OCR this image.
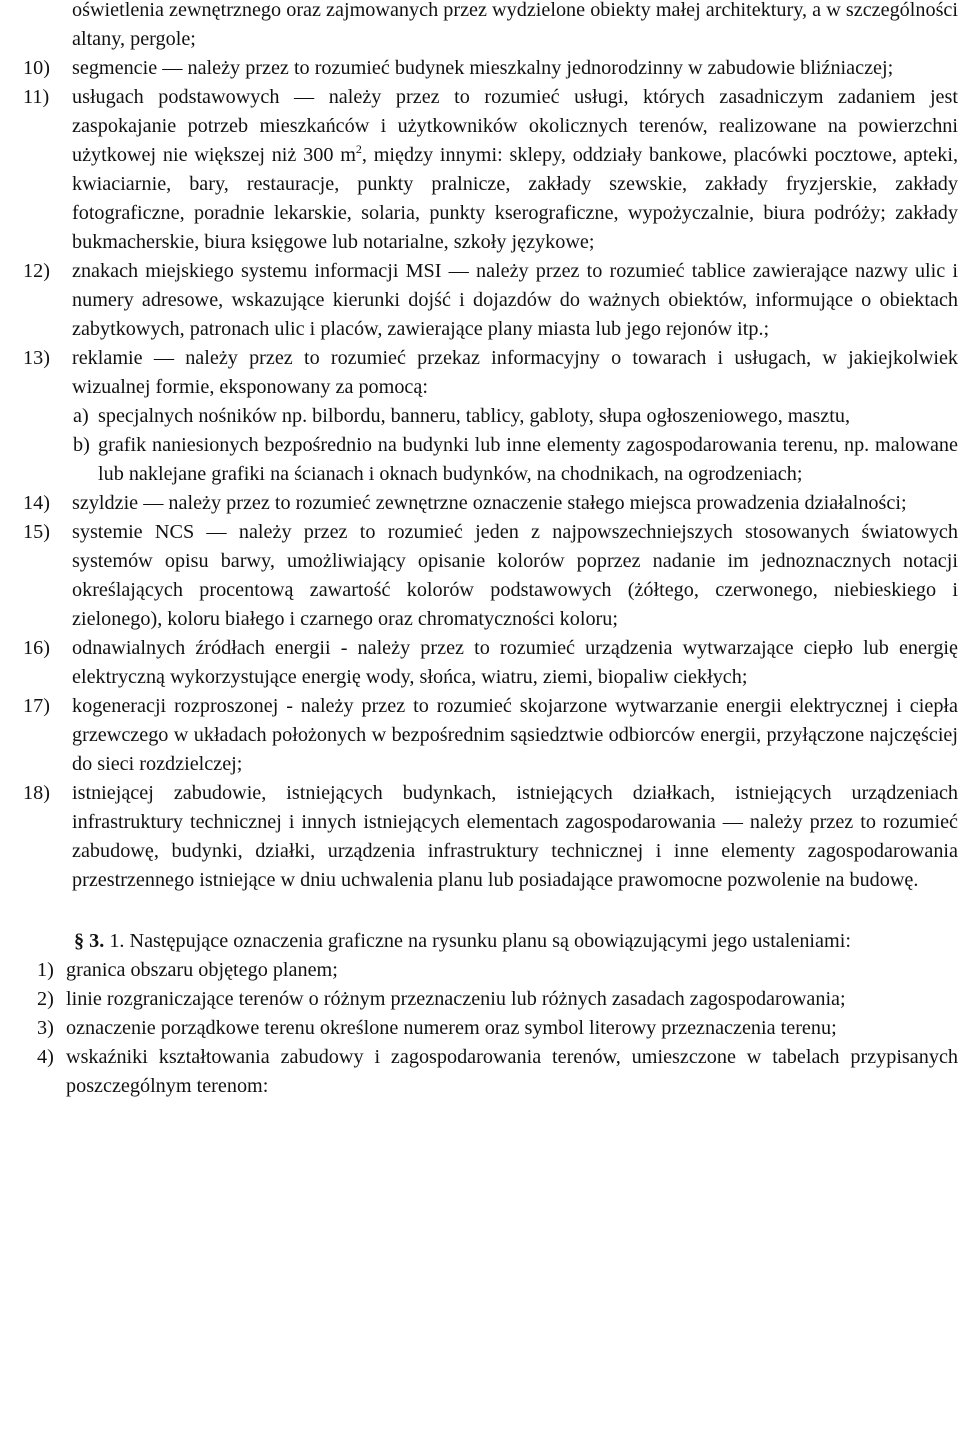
oświetlenia zewnętrznego oraz zajmowanych przez wydzielone obiekty małej architektury, a w szczególności altany, pergole;
10) segmencie — należy przez to rozumieć budynek mieszkalny jednorodzinny w zabudowie bliźniaczej;
11) usługach podstawowych — należy przez to rozumieć usługi, których zasadniczym zadaniem jest zaspokajanie potrzeb mieszkańców i użytkowników okolicznych terenów, realizowane na powierzchni użytkowej nie większej niż 300 $m^2$, między innymi: sklepy, oddziały bankowe, placówki pocztowe, apteki, kwiaciarnie, bary, restauracje, punkty pralnicze, zakłady szewskie, zakłady fryzjerskie, zakłady fotograficzne, poradnie lekarskie, solaria, punkty kserograficzne, wypożyczalnie, biura podróży; zakłady bukmacherskie, biura księgowe lub notarialne, szkoły językowe;
12) znakach miejskiego systemu informacji MSI — należy przez to rozumieć tablice zawierające nazwy ulic i numery adresowe, wskazujące kierunki dojść i dojazdów do ważnych obiektów, informujące o obiektach zabytkowych, patronach ulic i placów, zawierające plany miasta lub jego rejonów itp.;
13) reklamie — należy przez to rozumieć przekaz informacyjny o towarach i usługach, w jakiejkolwiek wizualnej formie, eksponowany za pomocą:
a) specjalnych nośników np. bilbordu, banneru, tablicy, gabloty, słupa ogłoszeniowego, masztu,
b) grafik naniesionych bezpośrednio na budynki lub inne elementy zagospodarowania terenu, np. malowane lub naklejane grafiki na ścianach i oknach budynków, na chodnikach, na ogrodzeniach;
14) szyldzie — należy przez to rozumieć zewnętrzne oznaczenie stałego miejsca prowadzenia działalności;
15) systemie NCS — należy przez to rozumieć jeden z najpowszechniejszych stosowanych światowych systemów opisu barwy, umożliwiający opisanie kolorów poprzez nadanie im jednoznacznych notacji określających procentową zawartość kolorów podstawowych (żółtego, czerwonego, niebieskiego i zielonego), koloru białego i czarnego oraz chromatyczności koloru;
16) odnawialnych źródłach energii - należy przez to rozumieć urządzenia wytwarzające ciepło lub energię elektryczną wykorzystujące energię wody, słońca, wiatru, ziemi, biopaliw ciekłych;
17) kogeneracji rozproszonej - należy przez to rozumieć skojarzone wytwarzanie energii elektrycznej i ciepła grzewczego w układach położonych w bezpośrednim sąsiedztwie odbiorców energii, przyłączone najczęściej do sieci rozdzielczej;
18) istniejącej zabudowie, istniejących budynkach, istniejących działkach, istniejących urządzeniach infrastruktury technicznej i innych istniejących elementach zagospodarowania — należy przez to rozumieć zabudowę, budynki, działki, urządzenia infrastruktury technicznej i inne elementy zagospodarowania przestrzennego istniejące w dniu uchwalenia planu lub posiadające prawomocne pozwolenie na budowę.
§ 3. 1. Następujące oznaczenia graficzne na rysunku planu są obowiązującymi jego ustaleniami:
1) granica obszaru objętego planem;
2) linie rozgraniczające terenów o różnym przeznaczeniu lub różnych zasadach zagospodarowania;
3) oznaczenie porządkowe terenu określone numerem oraz symbol literowy przeznaczenia terenu;
4) wskaźniki kształtowania zabudowy i zagospodarowania terenów, umieszczone w tabelach przypisanych poszczególnym terenom:
